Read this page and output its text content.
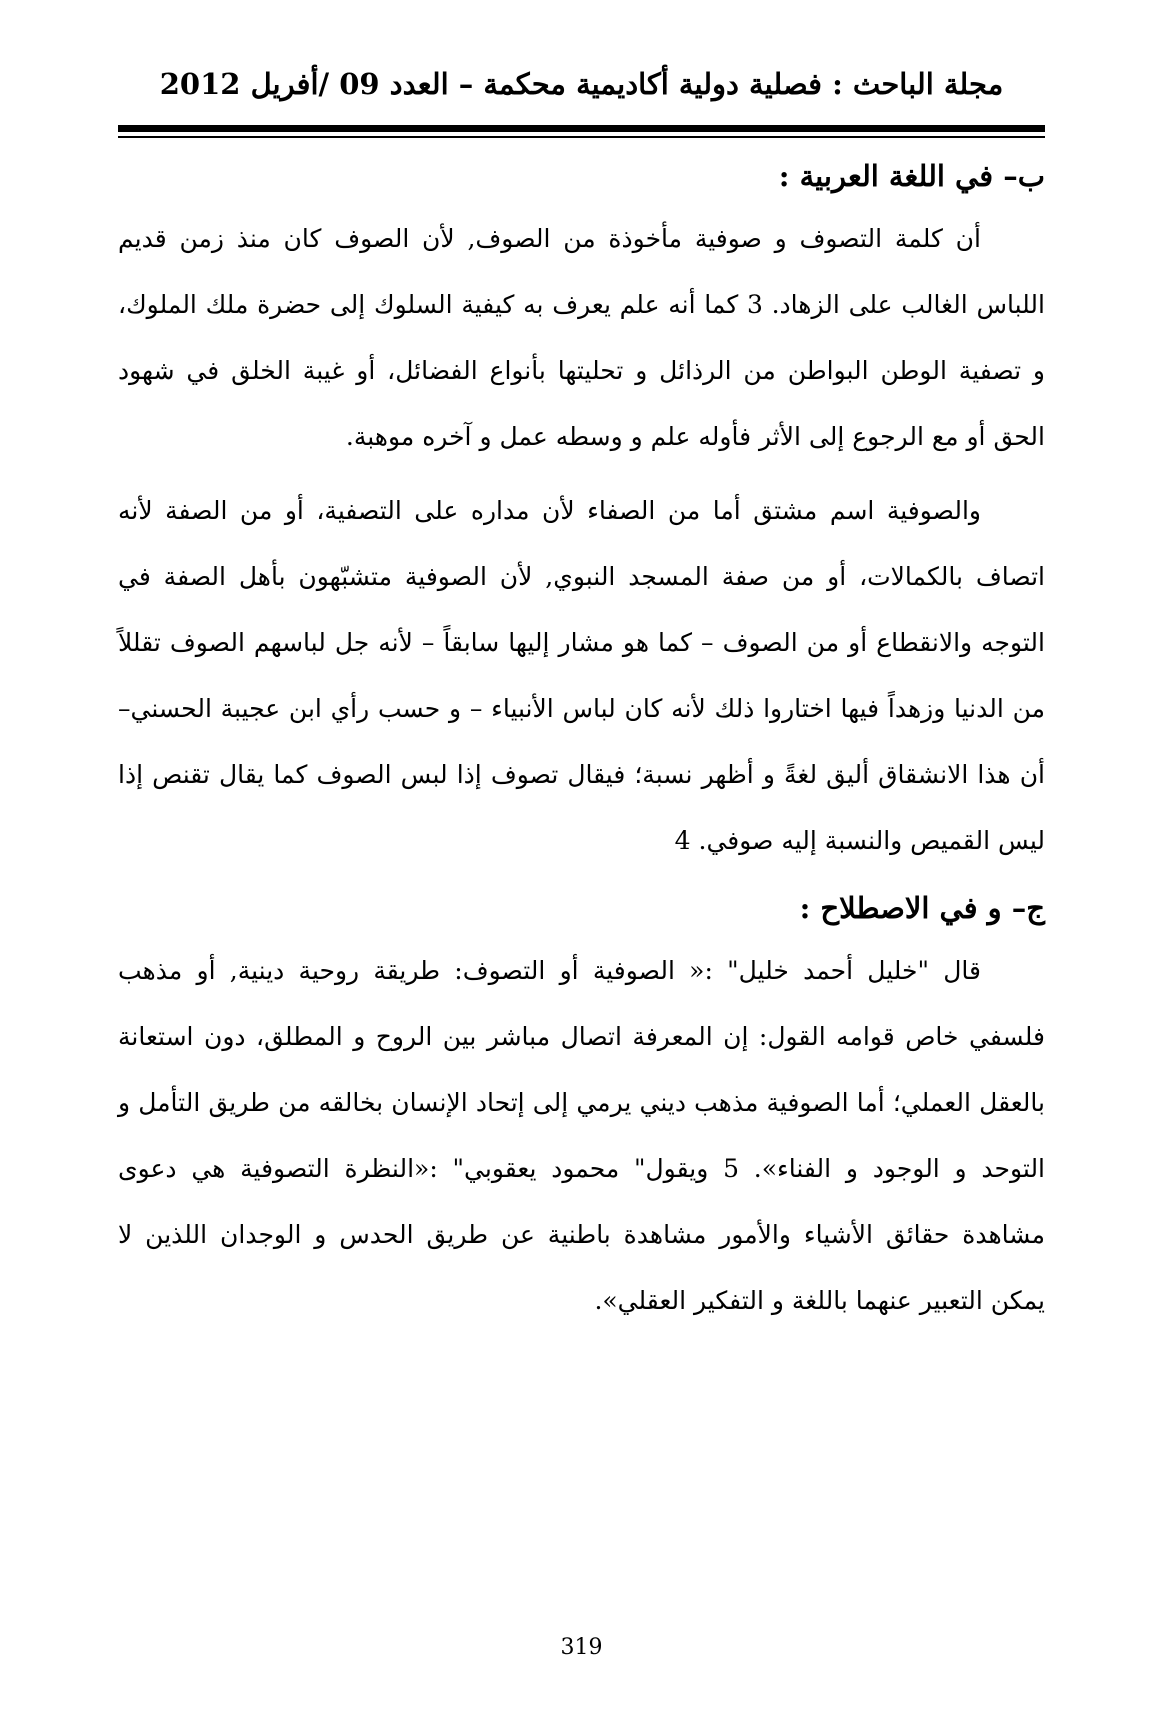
مجلة الباحث : فصلية دولية أكاديمية محكمة – العدد 09 /أفريل 2012
ب– في اللغة العربية :

أن كلمة التصوف و صوفية مأخوذة من الصوف, لأن الصوف كان منذ زمن قديم اللباس الغالب على الزهاد. 3 كما أنه علم يعرف به كيفية السلوك إلى حضرة ملك الملوك، و تصفية الوطن البواطن من الرذائل و تحليتها بأنواع الفضائل، أو غيبة الخلق في شهود الحق أو مع الرجوع إلى الأثر فأوله علم و وسطه عمل و آخره موهبة.

والصوفية اسم مشتق أما من الصفاء لأن مداره على التصفية، أو من الصفة لأنه اتصاف بالكمالات، أو من صفة المسجد النبوي, لأن الصوفية متشبّهون بأهل الصفة في التوجه والانقطاع أو من الصوف – كما هو مشار إليها سابقاً – لأنه جل لباسهم الصوف تقللاً من الدنيا وزهداً فيها اختاروا ذلك لأنه كان لباس الأنبياء – و حسب رأي ابن عجيبة الحسني– أن هذا الانشقاق أليق لغةً و أظهر نسبة؛ فيقال تصوف إذا لبس الصوف كما يقال تقنص إذا ليس القميص والنسبة إليه صوفي. 4

ج– و في الاصطلاح :

قال "خليل أحمد خليل" :« الصوفية أو التصوف: طريقة روحية دينية, أو مذهب فلسفي خاص قوامه القول: إن المعرفة اتصال مباشر بين الروح و المطلق، دون استعانة بالعقل العملي؛ أما الصوفية مذهب ديني يرمي إلى إتحاد الإنسان بخالقه من طريق التأمل و التوحد و الوجود و الفناء». 5 ويقول" محمود يعقوبي" :«النظرة التصوفية هي دعوى مشاهدة حقائق الأشياء والأمور مشاهدة باطنية عن طريق الحدس و الوجدان اللذين لا يمكن التعبير عنهما باللغة و التفكير العقلي».

319
